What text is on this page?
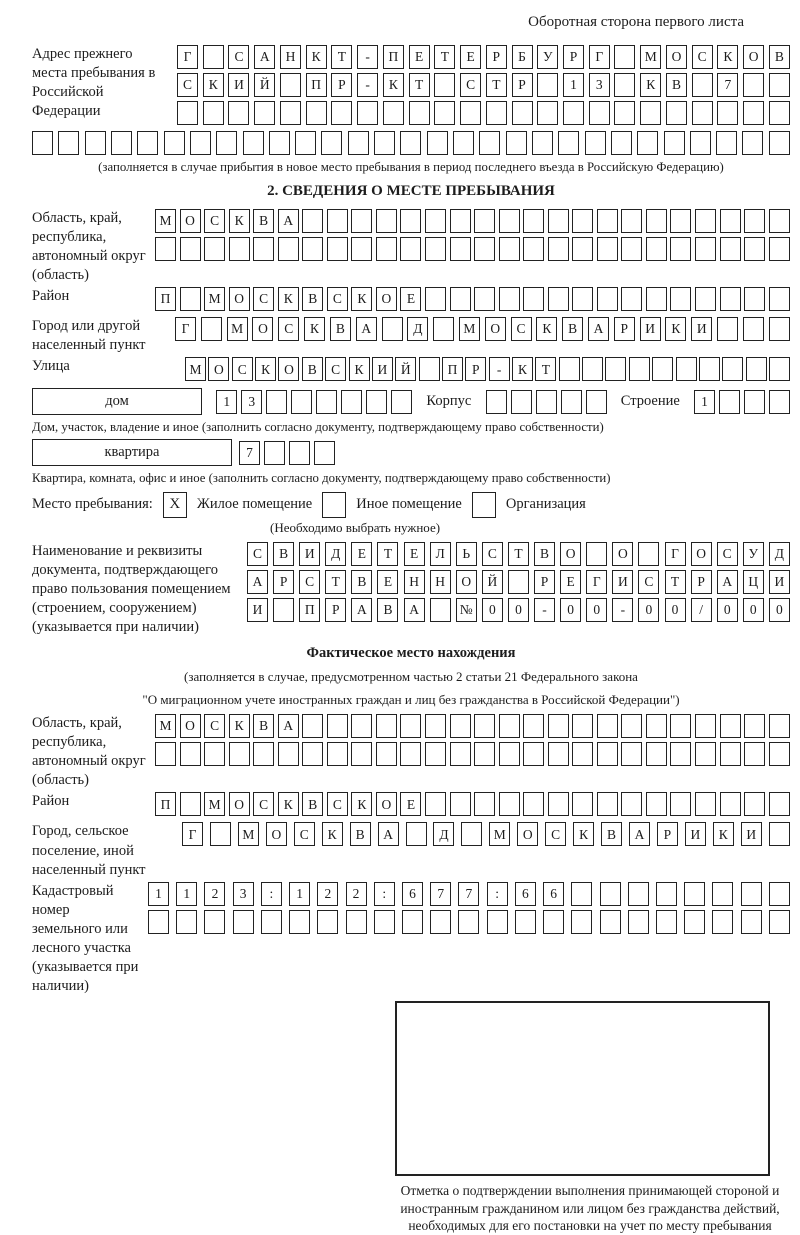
Оборотная сторона первого листа
Адрес прежнего места пребывания в Российской Федерации
Г	С	А	Н	К	Т	-	П	Е	Т	Е	Р	Б	У	Р	Г	М	О	С	К	О	В
С	К	И	Й	П	Р	-	К	Т	С	Т	Р	1	3	К	В	7
(заполняется в случае прибытия в новое место пребывания в период последнего въезда в Российскую Федерацию)
2. СВЕДЕНИЯ О МЕСТЕ ПРЕБЫВАНИЯ
Область, край, республика, автономный округ (область)
М	О	С	К	В	А
Район	П	М	О	С	К	В	С	К	О	Е
Город или другой населенный пункт
Г	М	О	С	К	В	А	Д	М	О	С	К	В	А	Р	И	К	И
Улица	М О	С	К	О	В	С	К	И	Й	П	Р	-	К	Т
дом	1	3	Корпус	Строение	1
Дом, участок, владение и иное (заполнить согласно документу, подтверждающему право собственности)
квартира	7
Квартира, комната, офис и иное (заполнить согласно документу, подтверждающему право собственности)
Место пребывания:	X	Жилое помещение	Иное помещение	Организация
(Необходимо выбрать нужное)
Наименование и реквизиты документа, подтверждающего право пользования помещением (строением, сооружением) (указывается при наличии)
С	В	И	Д	Е	Т	Е	Л	Ь	С	Т	В	О	О	Г	О	С	У	Д
А	Р	С	Т	В	Е	Н	Н	О	Й	Р	Е	Г	И	С	Т	Р	А	Ц	И
И	П	Р	А	В	А	№	0	0	-	0	0	-	0	0	/	0	0	0
Фактическое место нахождения
(заполняется в случае, предусмотренном частью 2 статьи 21 Федерального закона
"О миграционном учете иностранных граждан и лиц без гражданства в Российской Федерации")
Область, край, республика, автономный округ (область)
М	О	С	К	В	А
Район	П	М	О	С	К	В	С	К	О	Е
Город, сельское поселение, иной населенный пункт
Г	М	О	С	К	В	А	Д	М	О	С	К	В	А	Р	И	К	И
Кадастровый номер земельного или лесного участка (указывается при наличии)
1	1	2	3	:	1	2	2	:	6	7	7	:	6	6
Отметка о подтверждении выполнения принимающей стороной и иностранным гражданином или лицом без гражданства действий, необходимых для его постановки на учет по месту пребывания
